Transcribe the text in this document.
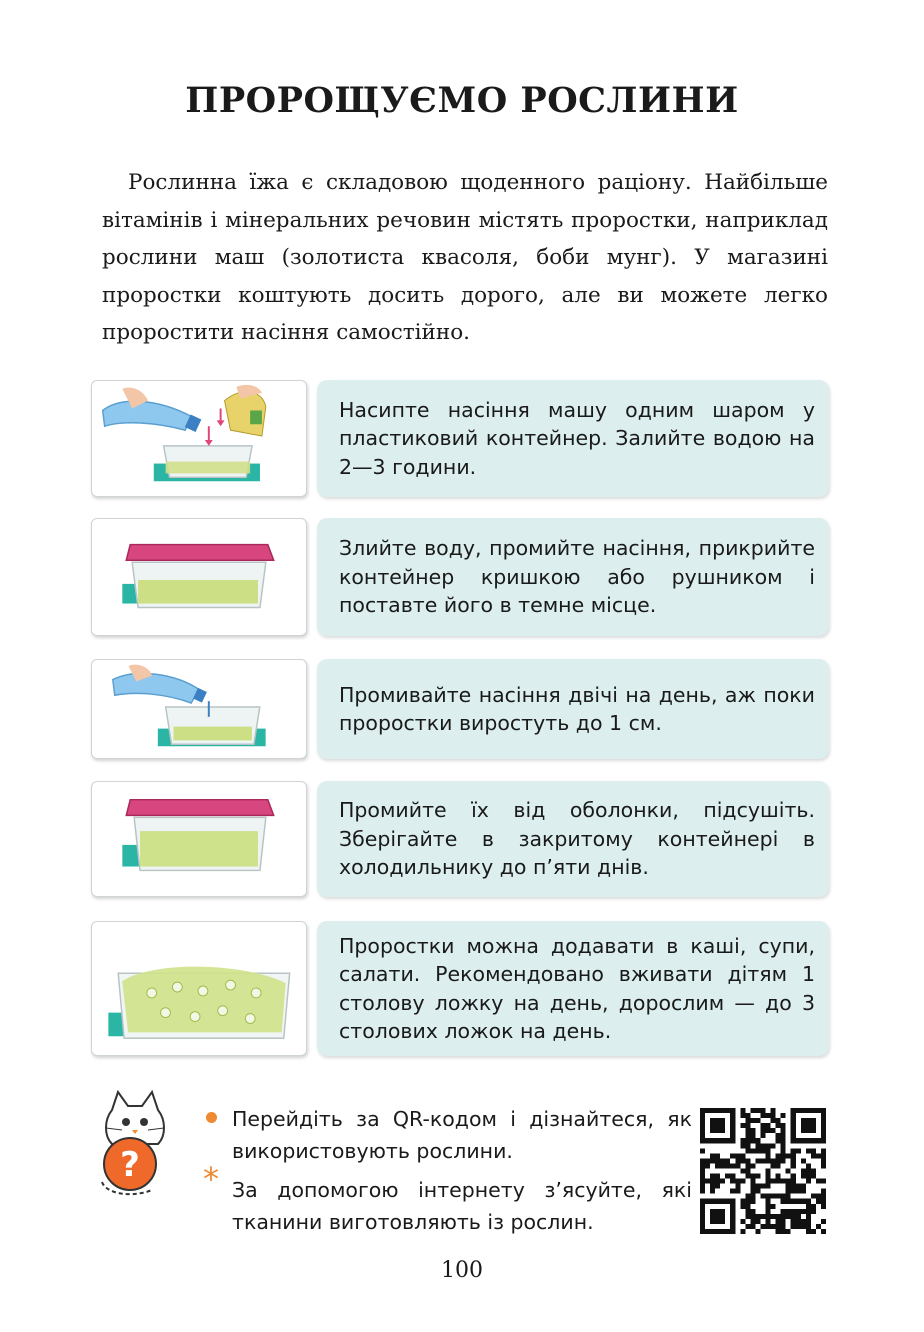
ПРОРОЩУЄМО РОСЛИНИ

Рослинна їжа є складовою щоденного раціону. Найбільше вітамінів і мінеральних речовин містять проростки, наприклад рослини маш (золотиста квасоля, боби мунг). У магазині проростки коштують досить дорого, але ви можете легко проростити насіння самостійно.

Насипте насіння машу одним шаром у пластиковий контейнер. Залийте водою на 2—3 години.
Злийте воду, промийте насіння, прикрийте контейнер кришкою або рушником і поставте його в темне місце.
Промивайте насіння двічі на день, аж поки проростки виростуть до 1 см.
Промийте їх від оболонки, підсушіть. Зберігайте в закритому контейнері в холодильнику до п’яти днів.
Проростки можна додавати в каші, супи, салати. Рекомендовано вживати дітям 1 столову ложку на день, дорослим — до 3 столових ложок на день.
?
Перейдіть за QR-кодом і дізнайтеся, як використовують рослини.
* За допомогою інтернету з’ясуйте, які тканини виготовляють із рослин.
100
